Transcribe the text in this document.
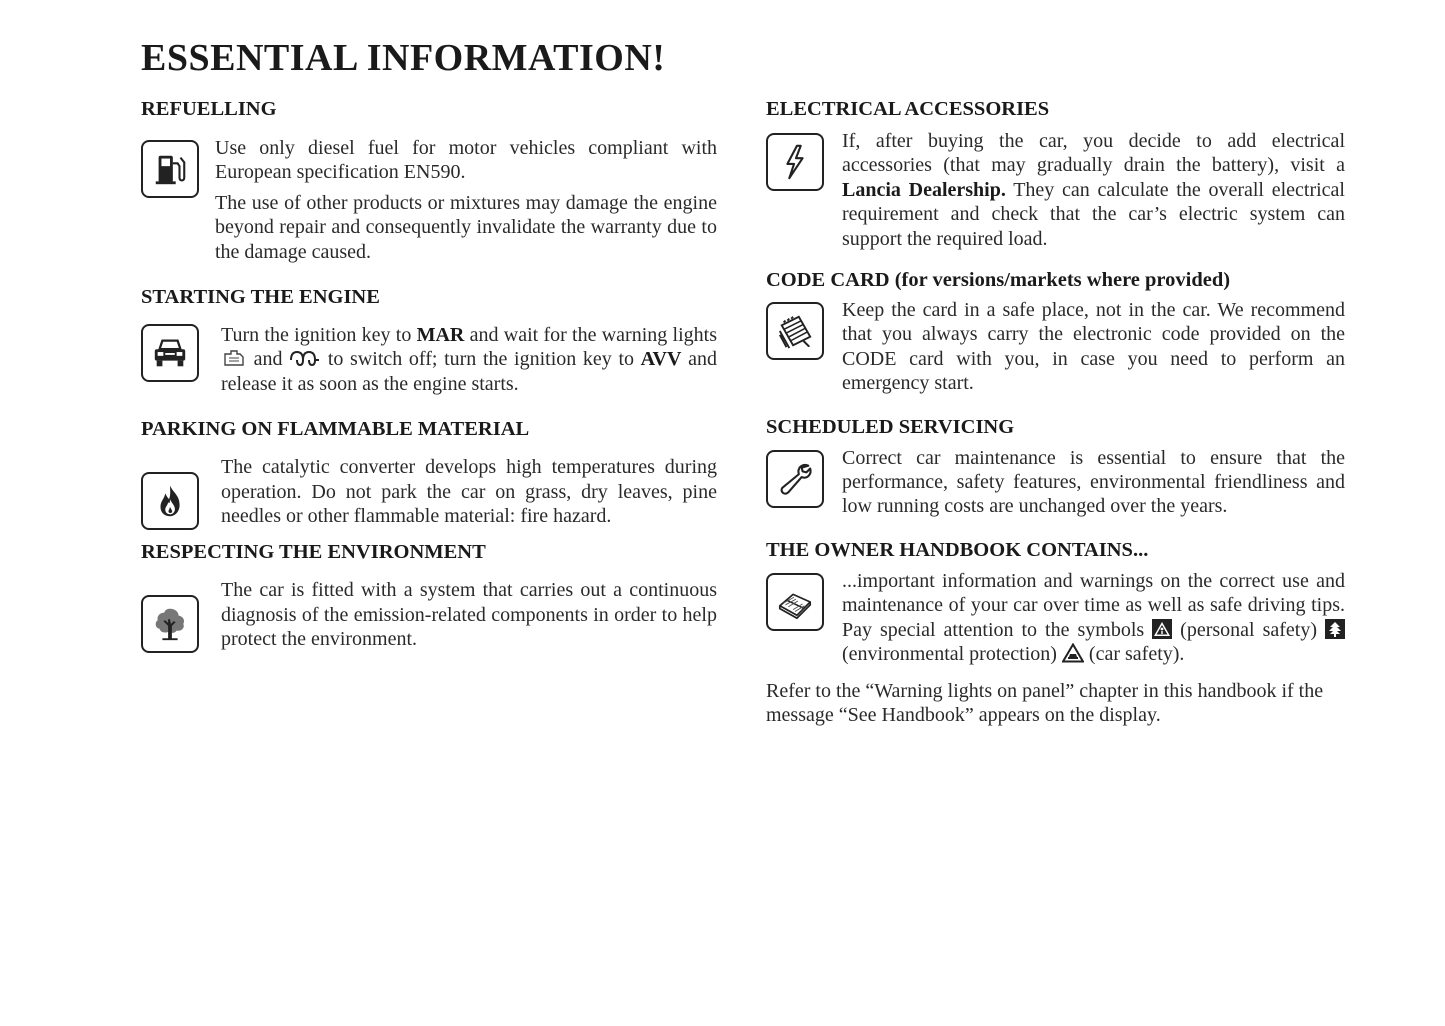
ESSENTIAL INFORMATION!
REFUELLING

Use only diesel fuel for motor vehicles compliant with European specification EN590.

The use of other products or mixtures may damage the engine beyond repair and consequently invalidate the warranty due to the damage caused.

STARTING THE ENGINE
Turn the ignition key to MAR and wait for the warning lights  and  to switch off; turn the ignition key to AVV and release it as soon as the engine starts.
PARKING ON FLAMMABLE MATERIAL
The catalytic converter develops high temperatures during operation. Do not park the car on grass, dry leaves, pine needles or other flammable material: fire hazard.
RESPECTING THE ENVIRONMENT
The car is fitted with a system that carries out a continuous diagnosis of the emission-related components in order to help protect the environment.
ELECTRICAL ACCESSORIES
If, after buying the car, you decide to add electrical accessories (that may gradually drain the battery), visit a Lancia Dealership. They can calculate the overall electrical requirement and check that the car’s electric system can support the required load.
CODE CARD (for versions/markets where provided)
Keep the card in a safe place, not in the car. We recommend that you always carry the electronic code provided on the CODE card with you, in case you need to perform an emergency start.
SCHEDULED SERVICING
Correct car maintenance is essential to ensure that the performance, safety features, environmental friendliness and low running costs are unchanged over the years.
THE OWNER HANDBOOK CONTAINS...
...important information and warnings on the correct use and maintenance of your car over time as well as safe driving tips. Pay special attention to the symbols  (personal safety)  (environmental protection)  (car safety).

Refer to the “Warning lights on panel” chapter in this handbook if the message “See Handbook” appears on the display.
